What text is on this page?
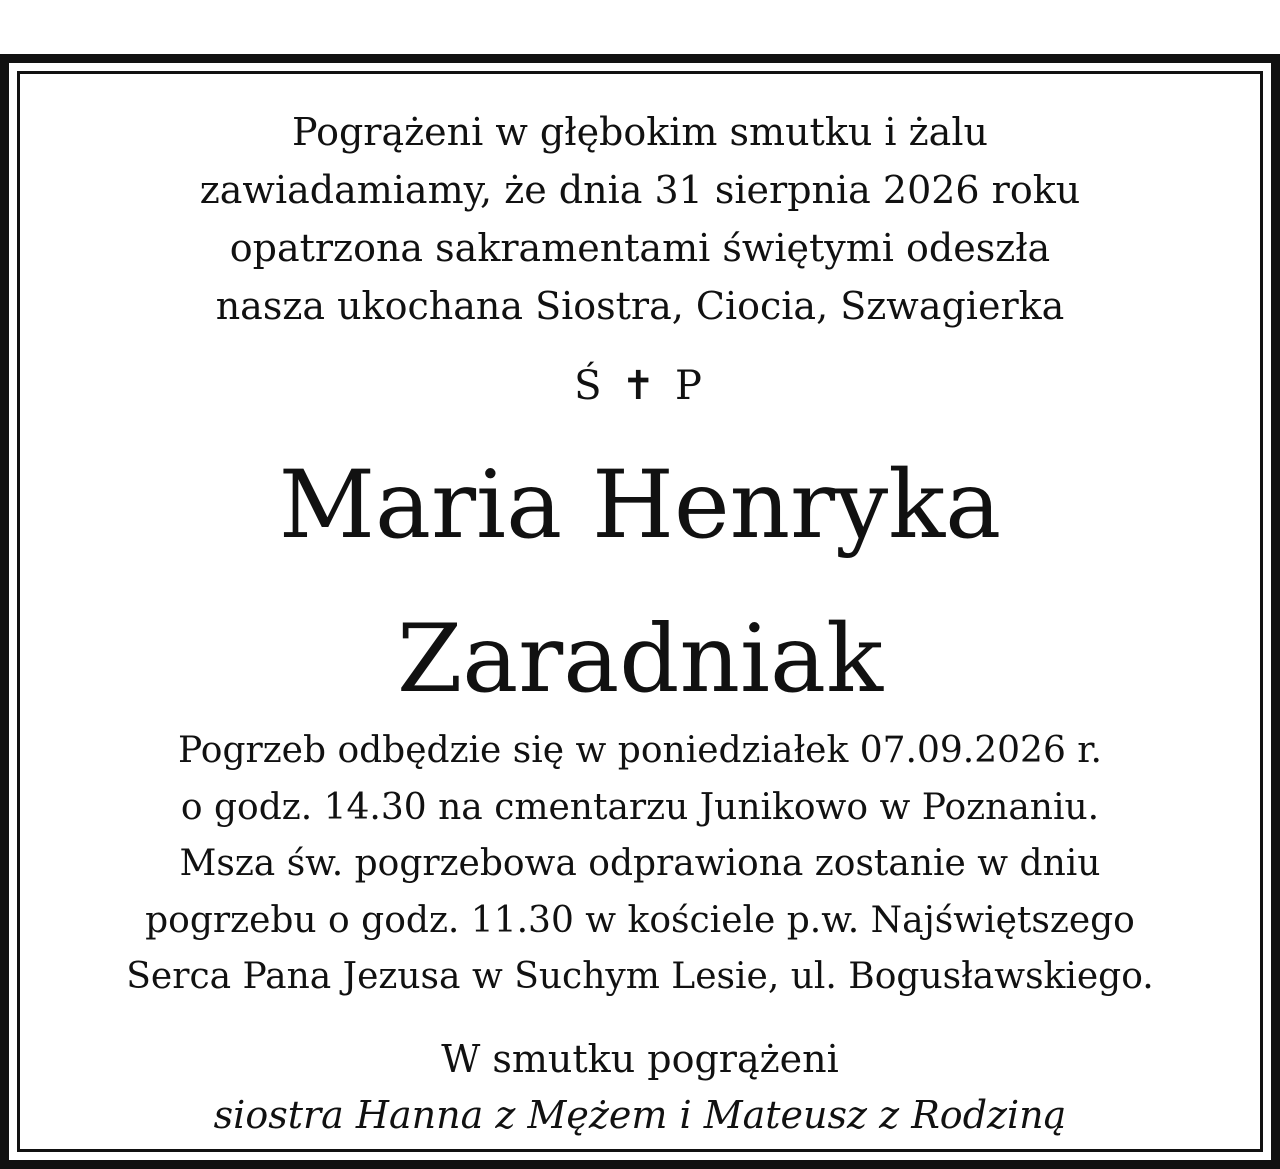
Pogrążeni w głębokim smutku i żalu
zawiadamiamy, że dnia 31 sierpnia 2026 roku
opatrzona sakramentami świętymi odeszła
nasza ukochana Siostra, Ciocia, Szwagierka
Ś ✝ P
Maria Henryka
Zaradniak
Pogrzeb odbędzie się w poniedziałek 07.09.2026 r.
o godz. 14.30 na cmentarzu Junikowo w Poznaniu.
Msza św. pogrzebowa odprawiona zostanie w dniu
pogrzebu o godz. 11.30 w kościele p.w. Najświętszego
Serca Pana Jezusa w Suchym Lesie, ul. Bogusławskiego.
W smutku pogrążeni
siostra Hanna z Mężem i Mateusz z Rodziną
